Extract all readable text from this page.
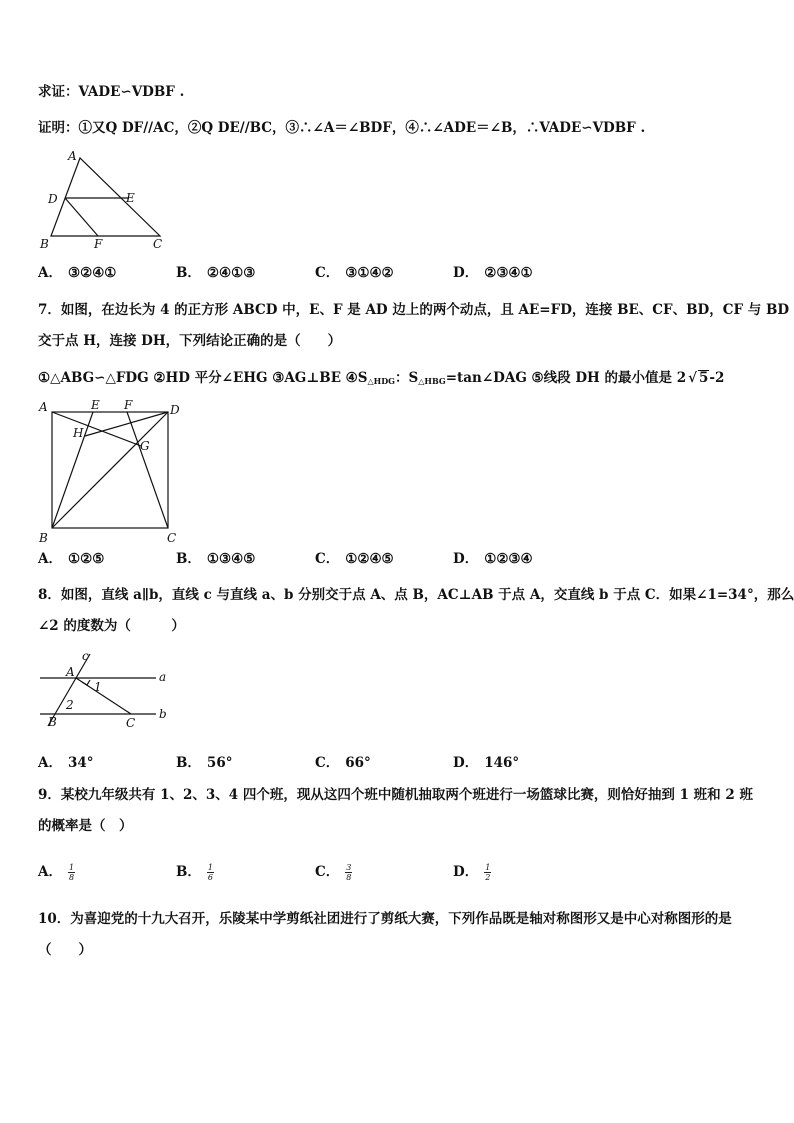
求证：VADE∽VDBF .
证明：①又Q DF//AC，②Q DE//BC，③∴∠A＝∠BDF，④∴∠ADE＝∠B，∴VADE∽VDBF .
A
D	E
B	F	C
A． ③②④①	B． ②④①③	C． ③①④②	D． ②③④①
7．如图，在边长为 4 的正方形 ABCD 中，E、F 是 AD 边上的两个动点，且 AE=FD，连接 BE、CF、BD，CF 与 BD
交于点 H，连接 DH，下列结论正确的是（　　）
①△ABG∽△FDG ②HD 平分∠EHG ③AG⊥BE $④S_{\triangle HDG}$：$S_{\triangle HBG}=\tan\angle DAG$ ⑤线段 DH 的最小值是 2 √ 5-2
A	E F	D
H
G
B	C
A． ①②⑤	B． ①③④⑤	C． ①②④⑤	D． ①②③④
8．如图，直线 a∥b，直线 c 与直线 a、b 分别交于点 A、点 B，AC⊥AB 于点 A，交直线 b 于点 C．如果∠1=34°，那么
∠2 的度数为（　　　）
c
A
1
a
2
B	C
b
A． 34°	B． 56°	C． 66°	D． 146°
9．某校九年级共有 1、2、3、4 四个班，现从这四个班中随机抽取两个班进行一场篮球比赛，则恰好抽到 1 班和 2 班
的概率是（　）
A． $\frac{1}{8}$	B． $\frac{1}{6}$	C． $\frac{3}{8}$	D． $\frac{1}{2}$
10．为喜迎党的十九大召开，乐陵某中学剪纸社团进行了剪纸大赛，下列作品既是轴对称图形又是中心对称图形的是
（　　）
